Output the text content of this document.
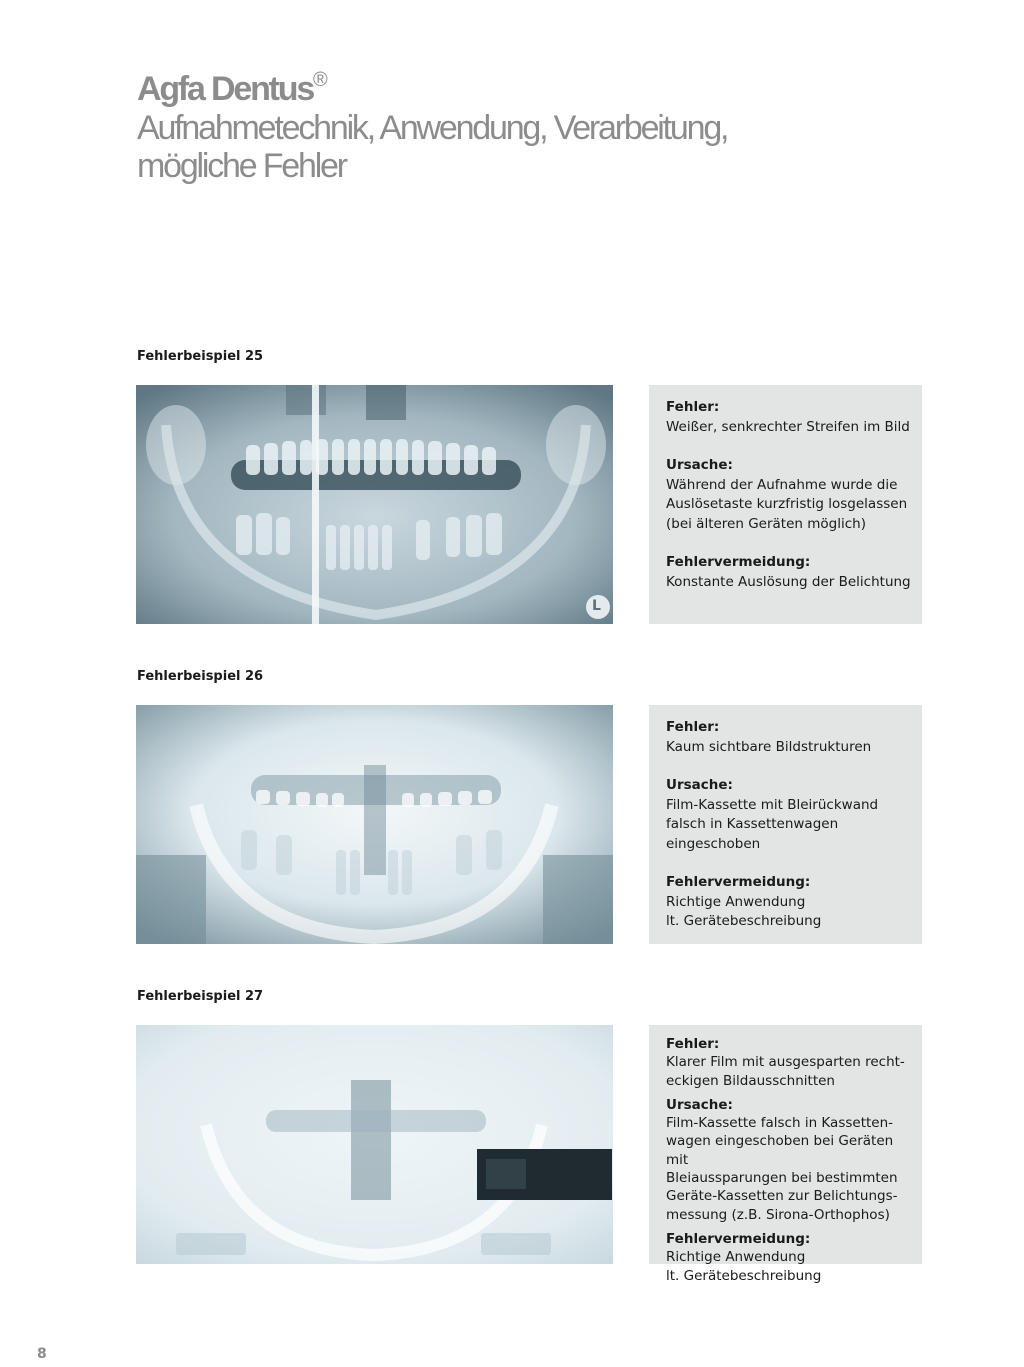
Agfa Dentus®
Aufnahmetechnik, Anwendung, Verarbeitung,
mögliche Fehler
Fehlerbeispiel 25
L
Fehler:
Weißer, senkrechter Streifen im Bild
Ursache:
Während der Aufnahme wurde die
Auslösetaste kurzfristig losgelassen
(bei älteren Geräten möglich)
Fehlervermeidung:
Konstante Auslösung der Belichtung
Fehlerbeispiel 26
Fehler:
Kaum sichtbare Bildstrukturen
Ursache:
Film-Kassette mit Bleirückwand
falsch in Kassettenwagen
eingeschoben
Fehlervermeidung:
Richtige Anwendung
lt. Gerätebeschreibung
Fehlerbeispiel 27
Fehler:
Klarer Film mit ausgesparten recht-
eckigen Bildausschnitten
Ursache:
Film-Kassette falsch in Kassetten-
wagen eingeschoben bei Geräten mit
Bleiaussparungen bei bestimmten
Geräte-Kassetten zur Belichtungs-
messung (z.B. Sirona-Orthophos)
Fehlervermeidung:
Richtige Anwendung
lt. Gerätebeschreibung
8
